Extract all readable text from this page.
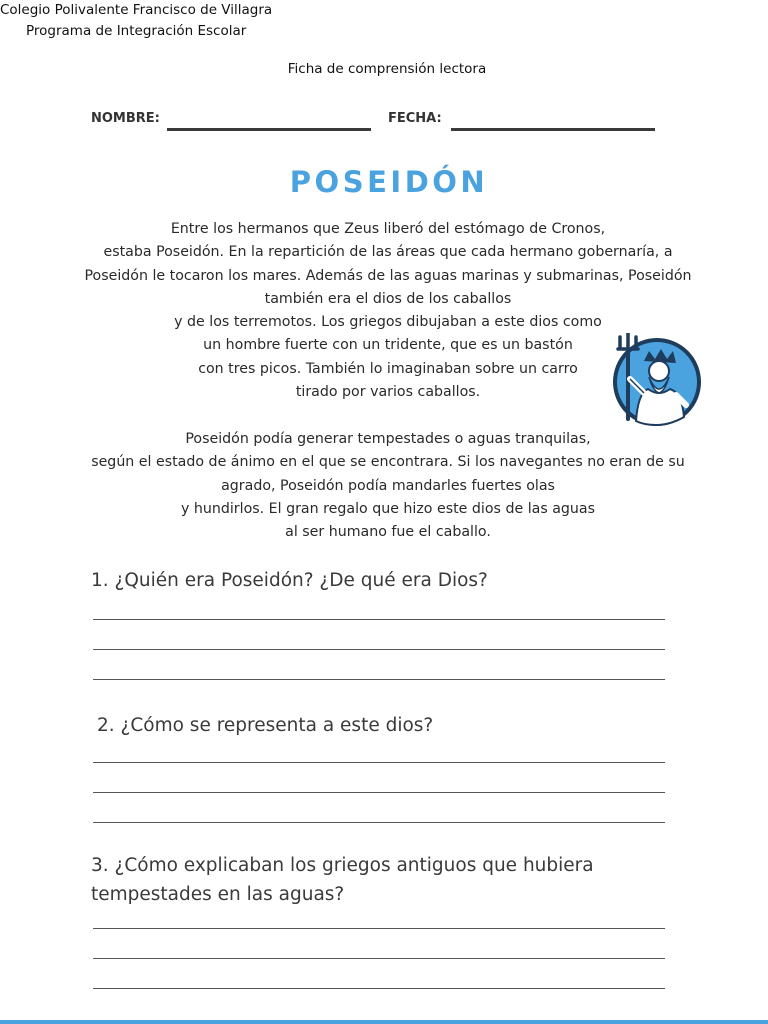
Colegio Polivalente Francisco de Villagra
Programa de Integración Escolar
Ficha de comprensión lectora
NOMBRE:	FECHA:
POSEIDÓN
Entre los hermanos que Zeus liberó del estómago de Cronos,
estaba Poseidón. En la repartición de las áreas que cada hermano gobernaría, a
Poseidón le tocaron los mares. Además de las aguas marinas y submarinas, Poseidón
también era el dios de los caballos
y de los terremotos. Los griegos dibujaban a este dios como
un hombre fuerte con un tridente, que es un bastón
con tres picos. También lo imaginaban sobre un carro
tirado por varios caballos.
Poseidón podía generar tempestades o aguas tranquilas,
según el estado de ánimo en el que se encontrara. Si los navegantes no eran de su
agrado, Poseidón podía mandarles fuertes olas
y hundirlos. El gran regalo que hizo este dios de las aguas
al ser humano fue el caballo.
1. ¿Quién era Poseidón? ¿De qué era Dios?
2. ¿Cómo se representa a este dios?
3. ¿Cómo explicaban los griegos antiguos que hubiera
tempestades en las aguas?
